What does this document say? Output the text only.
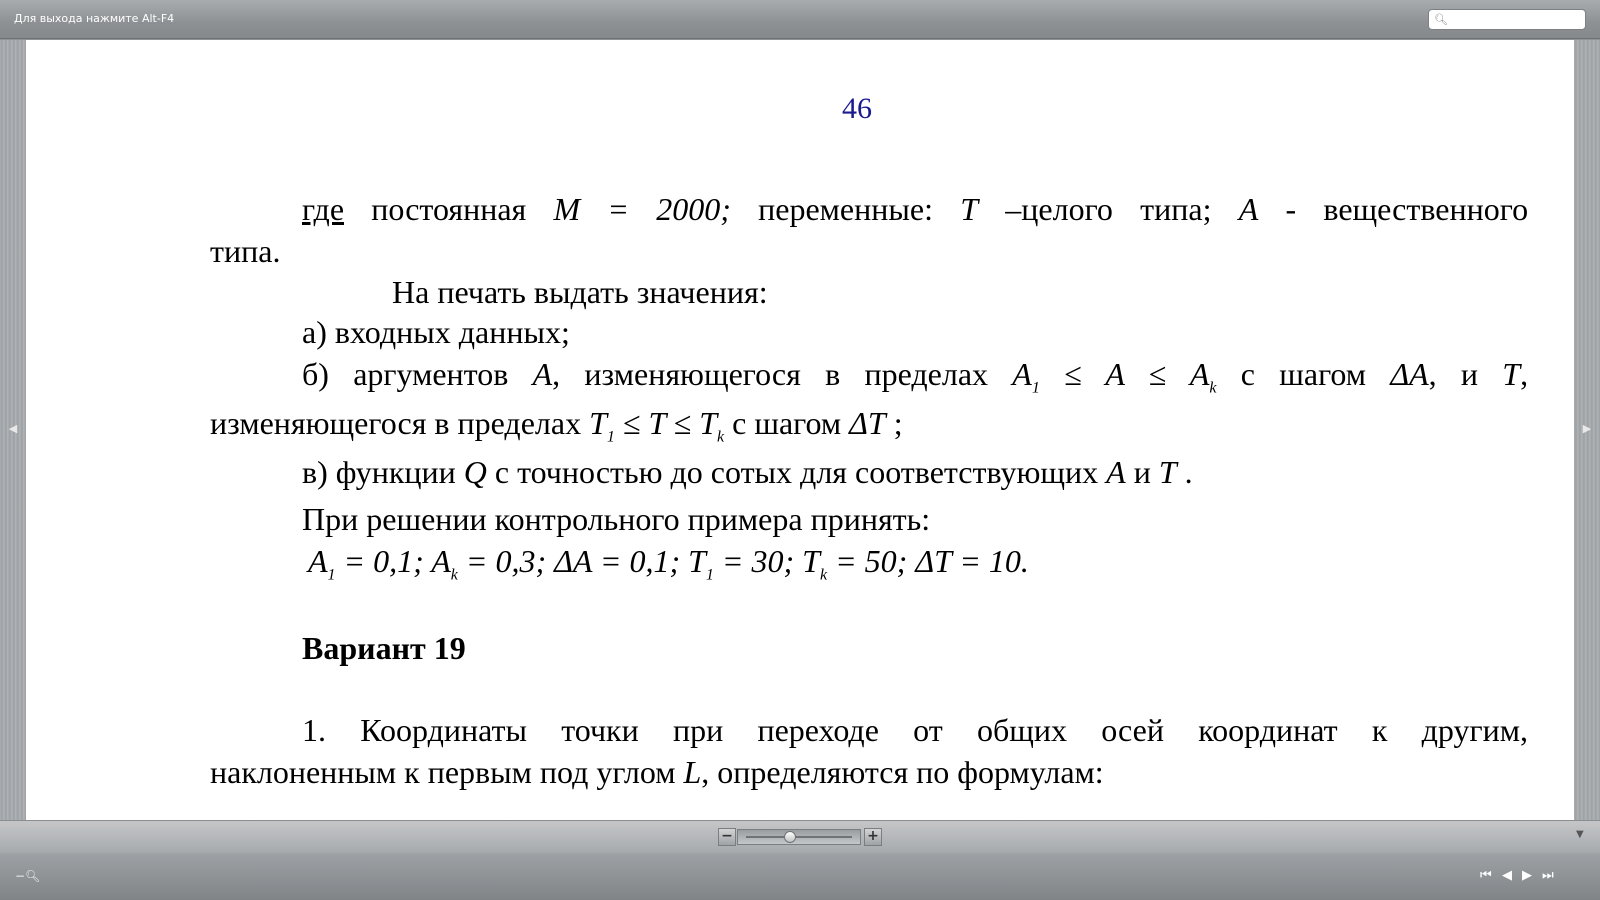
Для выхода нажмите Alt-F4	🔍︎
◀	▶
46
где постоянная M = 2000; переменные: T –целого типа; A - вещественного
типа.
На печать выдать значения:
а) входных данных;
б) аргументов A, изменяющегося в пределах $A_1 \le A \le A_k$ с шагом ΔA, и T,
изменяющегося в пределах $T_1 \le T \le T_k$ с шагом ΔT ;
в) функции Q с точностью до сотых для соответствующих A и T .
При решении контрольного примера принять:
$A_1 = 0,1$; $A_k = 0,3$; ΔA = 0,1; $T_1 = 30$; $T_k = 50$; ΔT = 10.
Вариант 19
1. Координаты точки при переходе от общих осей координат к другим,
наклоненным к первым под углом L, определяются по формулам:
−	+	▼
−🔍︎	⏮ ◀ ▶ ⏭
